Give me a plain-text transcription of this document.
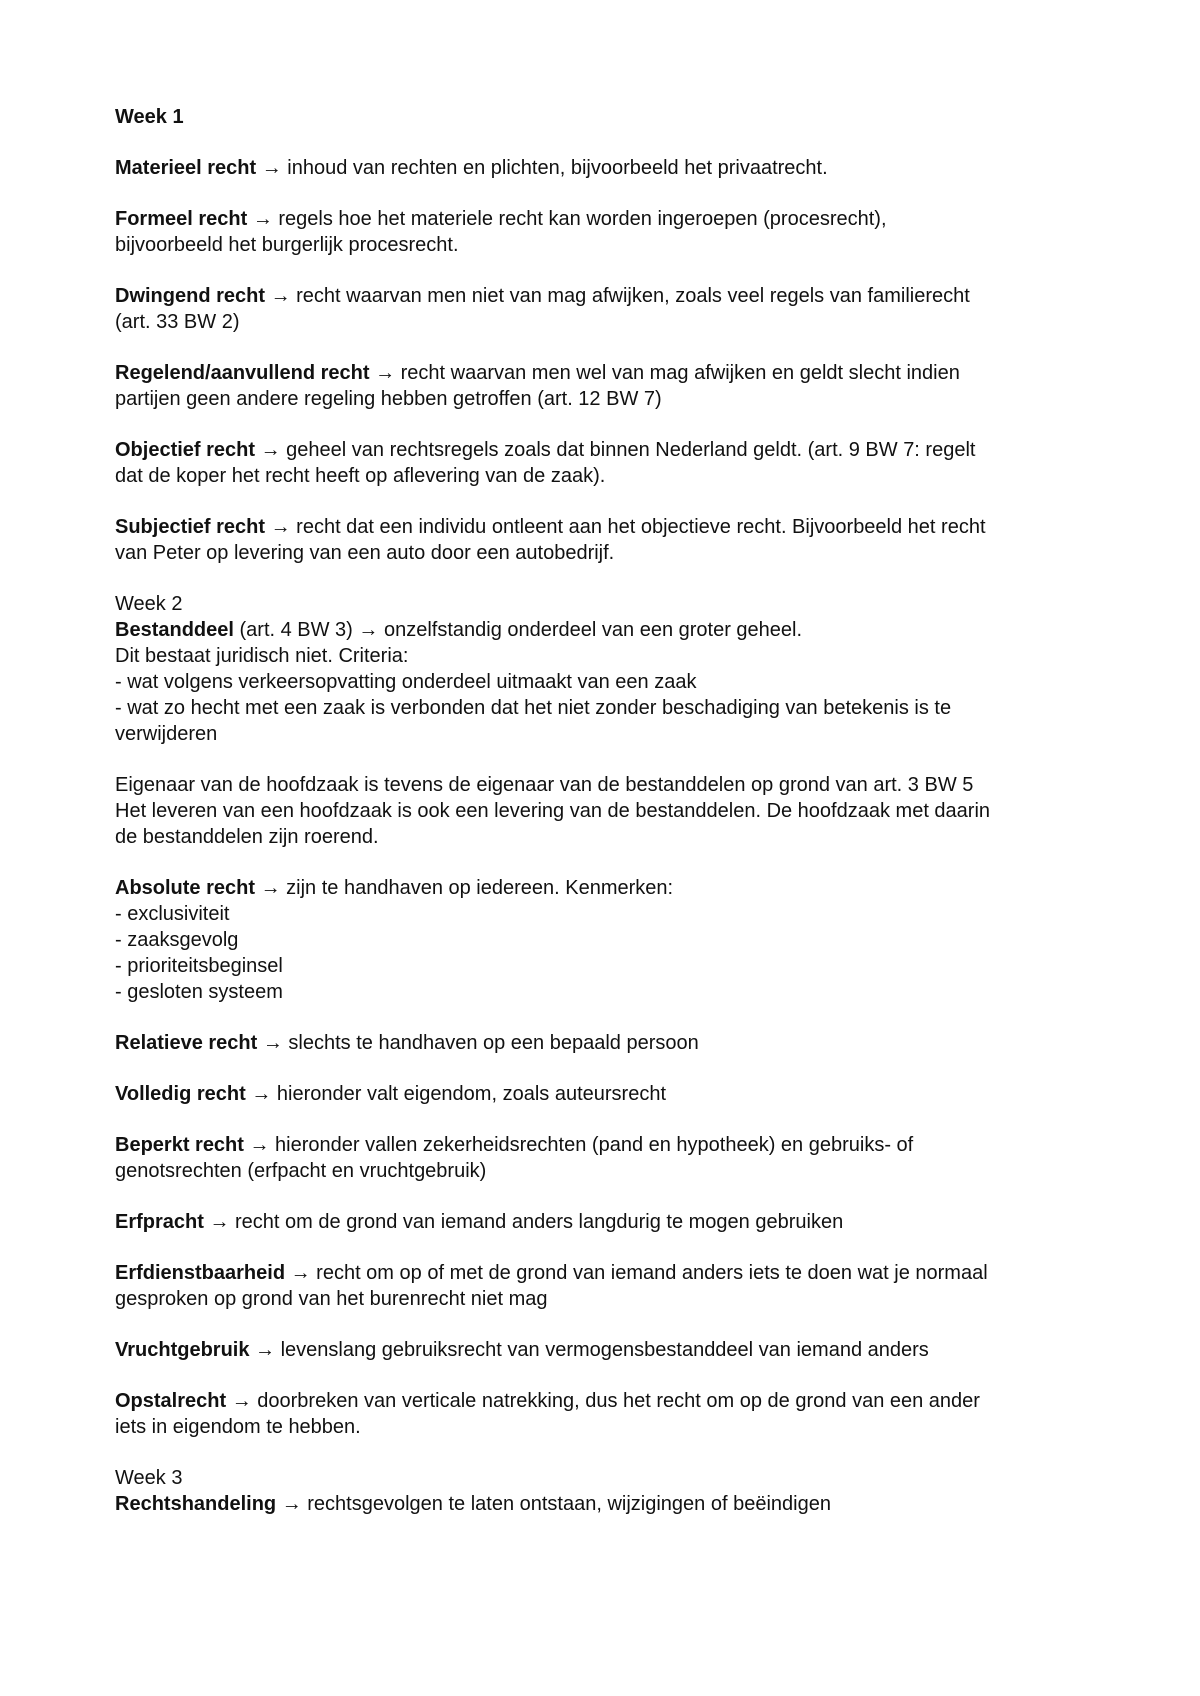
Week 1
Materieel recht → inhoud van rechten en plichten, bijvoorbeeld het privaatrecht.
Formeel recht → regels hoe het materiele recht kan worden ingeroepen (procesrecht),
bijvoorbeeld het burgerlijk procesrecht.
Dwingend recht → recht waarvan men niet van mag afwijken, zoals veel regels van familierecht
(art. 33 BW 2)
Regelend/aanvullend recht → recht waarvan men wel van mag afwijken en geldt slecht indien
partijen geen andere regeling hebben getroffen (art. 12 BW 7)
Objectief recht → geheel van rechtsregels zoals dat binnen Nederland geldt. (art. 9 BW 7: regelt
dat de koper het recht heeft op aflevering van de zaak).
Subjectief recht → recht dat een individu ontleent aan het objectieve recht. Bijvoorbeeld het recht
van Peter op levering van een auto door een autobedrijf.
Week 2
Bestanddeel (art. 4 BW 3) → onzelfstandig onderdeel van een groter geheel.
Dit bestaat juridisch niet. Criteria:
- wat volgens verkeersopvatting onderdeel uitmaakt van een zaak
- wat zo hecht met een zaak is verbonden dat het niet zonder beschadiging van betekenis is te
verwijderen
Eigenaar van de hoofdzaak is tevens de eigenaar van de bestanddelen op grond van art. 3 BW 5
Het leveren van een hoofdzaak is ook een levering van de bestanddelen. De hoofdzaak met daarin
de bestanddelen zijn roerend.
Absolute recht → zijn te handhaven op iedereen. Kenmerken:
- exclusiviteit
- zaaksgevolg
- prioriteitsbeginsel
- gesloten systeem
Relatieve recht → slechts te handhaven op een bepaald persoon
Volledig recht → hieronder valt eigendom, zoals auteursrecht
Beperkt recht → hieronder vallen zekerheidsrechten (pand en hypotheek) en gebruiks- of
genotsrechten (erfpacht en vruchtgebruik)
Erfpracht → recht om de grond van iemand anders langdurig te mogen gebruiken
Erfdienstbaarheid → recht om op of met de grond van iemand anders iets te doen wat je normaal
gesproken op grond van het burenrecht niet mag
Vruchtgebruik → levenslang gebruiksrecht van vermogensbestanddeel van iemand anders
Opstalrecht → doorbreken van verticale natrekking, dus het recht om op de grond van een ander
iets in eigendom te hebben.
Week 3
Rechtshandeling → rechtsgevolgen te laten ontstaan, wijzigingen of beëindigen
